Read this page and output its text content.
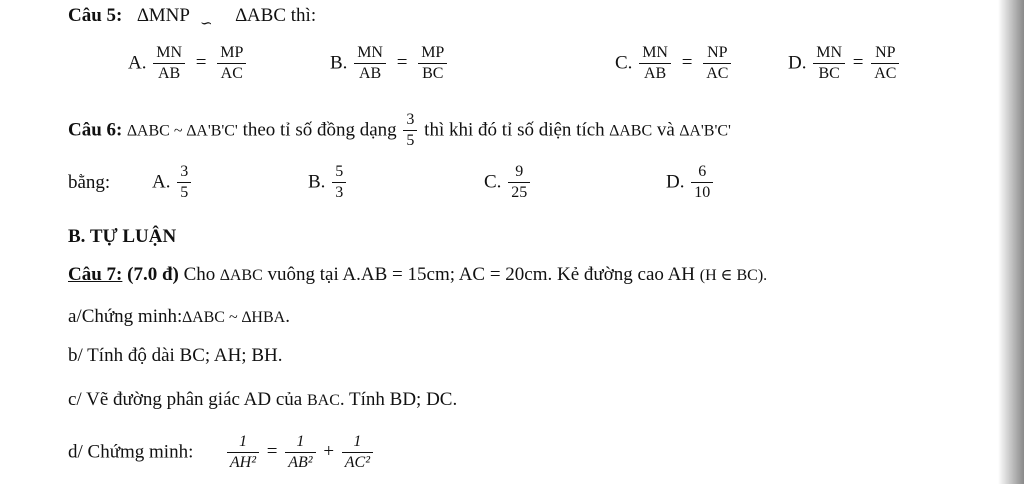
Câu 5: ∆MNP $_∽$ ∆ABC thì:
A. $\frac{MN}{AB} = \frac{MP}{AC}$	B. $\frac{MN}{AB} = \frac{MP}{BC}$	C. $\frac{MN}{AB} = \frac{NP}{AC}$	D. $\frac{MN}{BC} = \frac{NP}{AC}$
Câu 6: ∆ABC ~ ∆A'B'C' theo tỉ số đồng dạng $\frac{3}{5}$ thì khi đó tỉ số diện tích ∆ABC và ∆A'B'C'
bằng: A. $\frac{3}{5}$	B. $\frac{5}{3}$	C. $\frac{9}{25}$	D. $\frac{6}{10}$
B. TỰ LUẬN
Câu 7: (7.0 đ) Cho ∆ABC vuông tại A.AB = 15cm; AC = 20cm. Kẻ đường cao AH (H ∈ BC).
a/Chứng minh:∆ABC ~ ∆HBA.
b/ Tính độ dài BC; AH; BH.
c/ Vẽ đường phân giác AD của BAC. Tính BD; DC.
d/ Chứmg minh: $\frac{1}{\text{AH²}} = \frac{1}{\text{AB²}} + \frac{1}{\text{AC²}}$
